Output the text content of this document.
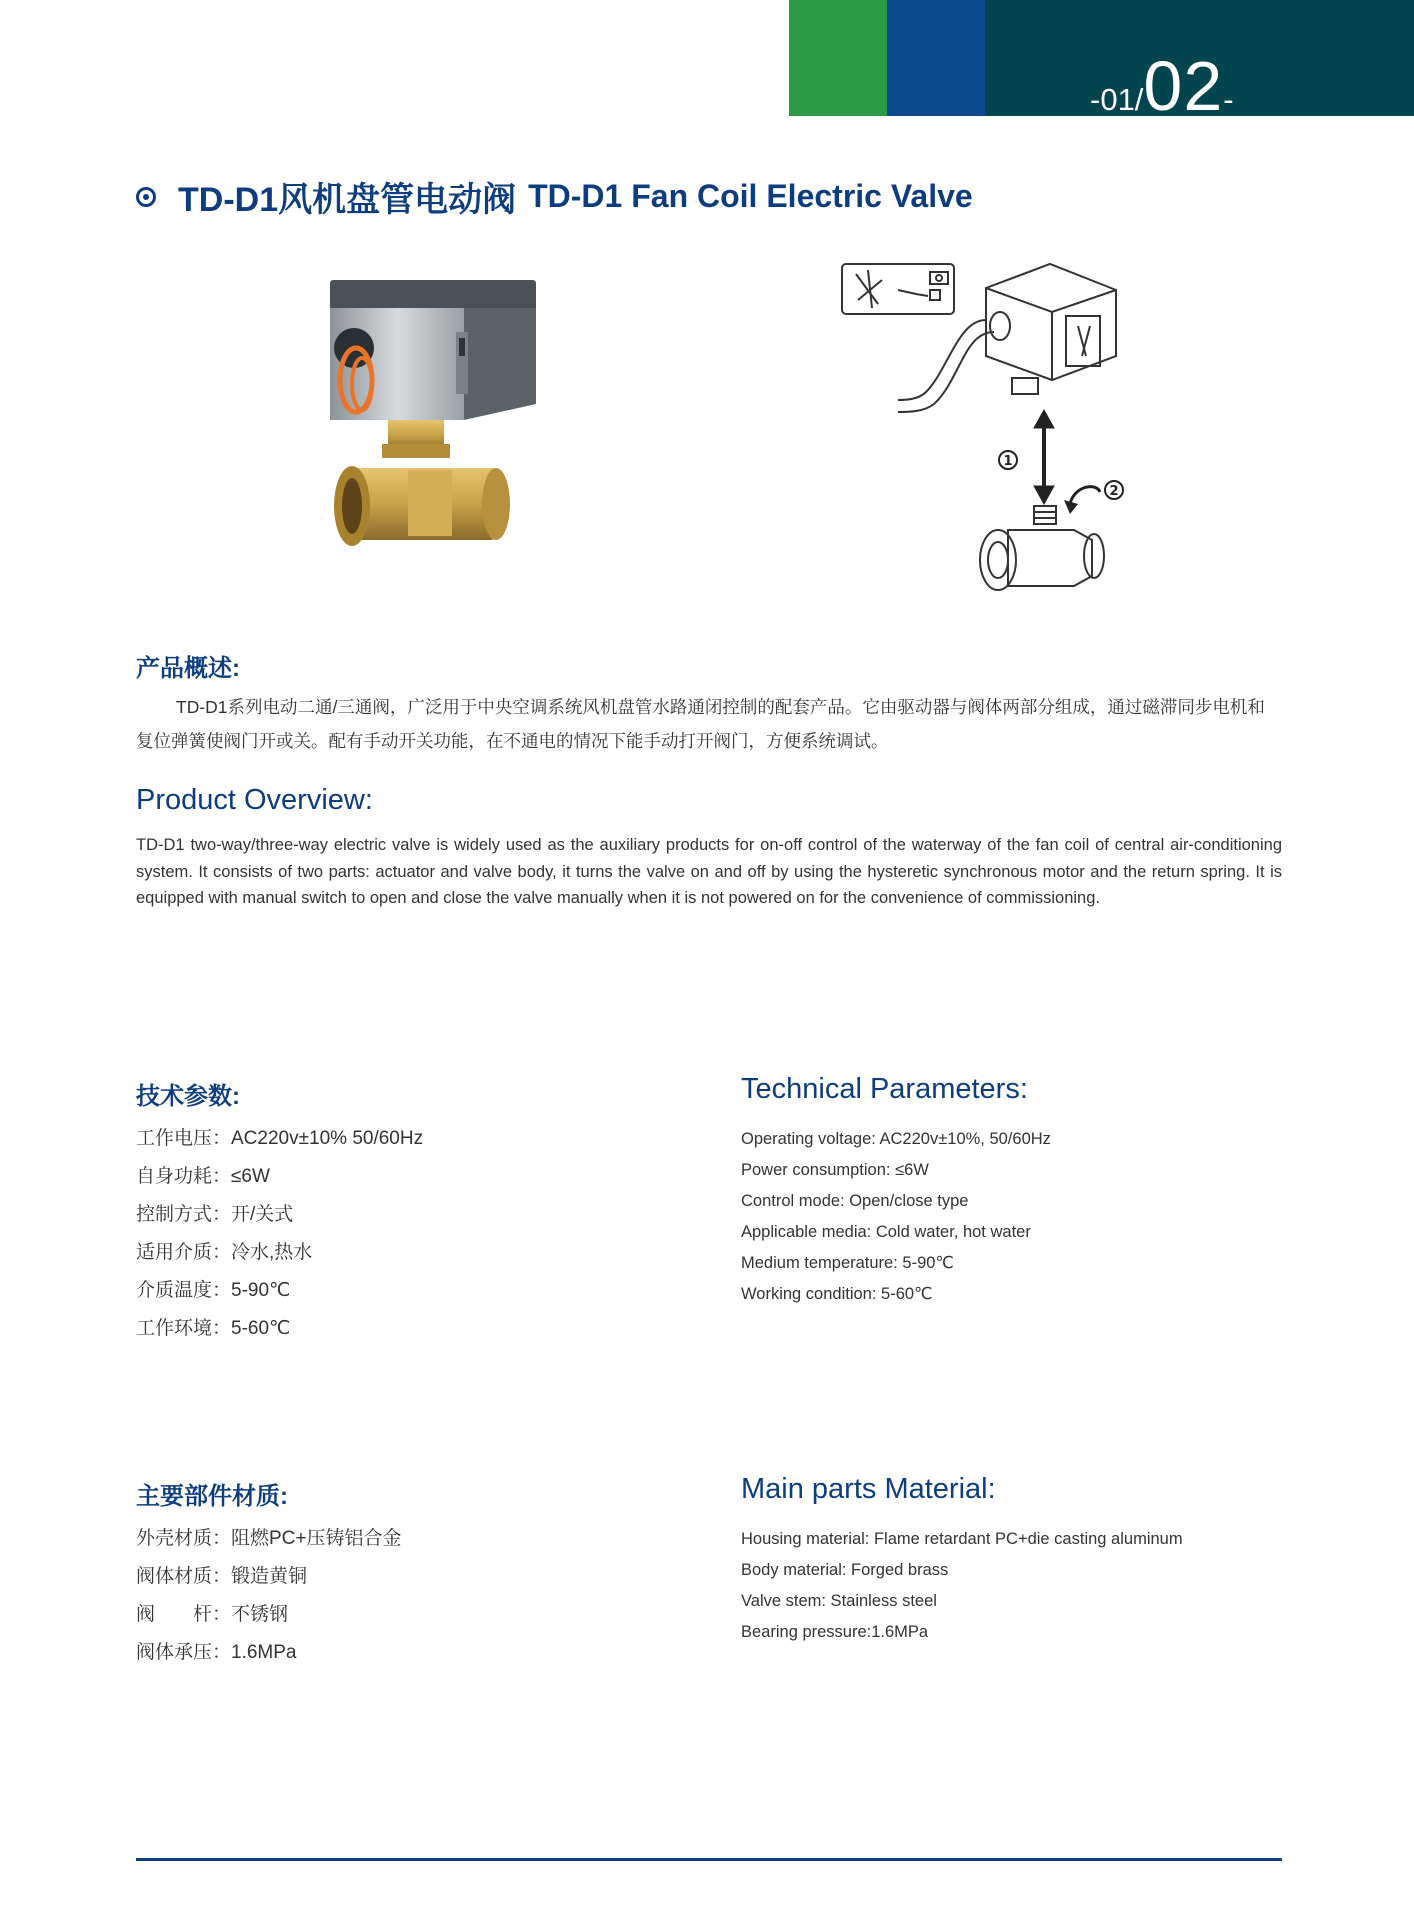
-01/02-
TD-D1风机盘管电动阀 TD-D1 Fan Coil Electric Valve
1
2
产品概述:
TD-D1系列电动二通/三通阀，广泛用于中央空调系统风机盘管水路通闭控制的配套产品。它由驱动器与阀体两部分组成，通过磁滞同步电机和复位弹簧使阀门开或关。配有手动开关功能，在不通电的情况下能手动打开阀门，方便系统调试。
Product Overview:
TD-D1 two-way/three-way electric valve is widely used as the auxiliary products for on-off control of the waterway of the fan coil of central air-conditioning system. It consists of two parts: actuator and valve body, it turns the valve on and off by using the hysteretic synchronous motor and the return spring. It is equipped with manual switch to open and close the valve manually when it is not powered on for the convenience of commissioning.
技术参数:
工作电压：AC220v±10% 50/60Hz
自身功耗：≤6W
控制方式：开/关式
适用介质：冷水,热水
介质温度：5-90℃
工作环境：5-60℃
Technical Parameters:
Operating voltage: AC220v±10%, 50/60Hz
Power consumption: ≤6W
Control mode: Open/close type
Applicable media: Cold water, hot water
Medium temperature: 5-90℃
Working condition: 5-60℃
主要部件材质:
外壳材质：阻燃PC+压铸铝合金
阀体材质：锻造黄铜
阀　　杆：不锈钢
阀体承压：1.6MPa
Main parts Material:
Housing material: Flame retardant PC+die casting aluminum
Body material: Forged brass
Valve stem: Stainless steel
Bearing pressure:1.6MPa
